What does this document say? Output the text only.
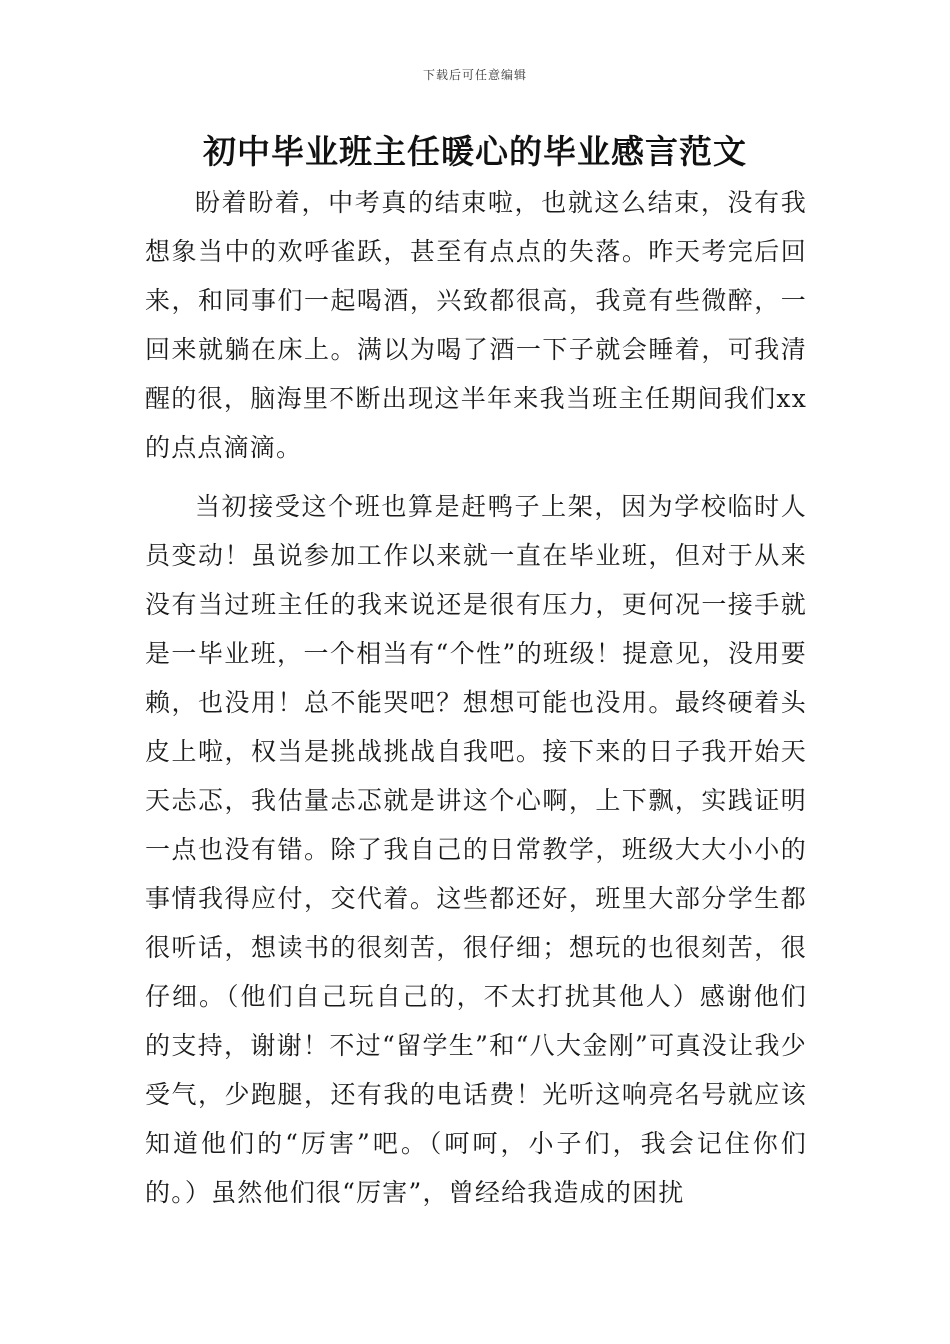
下载后可任意编辑
初中毕业班主任暖心的毕业感言范文

盼着盼着，中考真的结束啦，也就这么结束，没有我想象当中的欢呼雀跃，甚至有点点的失落。昨天考完后回来，和同事们一起喝酒，兴致都很高，我竟有些微醉，一回来就躺在床上。满以为喝了酒一下子就会睡着，可我清醒的很，脑海里不断出现这半年来我当班主任期间我们xx的点点滴滴。

当初接受这个班也算是赶鸭子上架，因为学校临时人员变动！虽说参加工作以来就一直在毕业班，但对于从来没有当过班主任的我来说还是很有压力，更何况一接手就是一毕业班，一个相当有“个性”的班级！提意见，没用要赖，也没用！总不能哭吧？想想可能也没用。最终硬着头皮上啦，权当是挑战挑战自我吧。接下来的日子我开始天天忐忑，我估量忐忑就是讲这个心啊，上下飘，实践证明一点也没有错。除了我自己的日常教学，班级大大小小的事情我得应付，交代着。这些都还好，班里大部分学生都很听话，想读书的很刻苦，很仔细；想玩的也很刻苦，很仔细。（他们自己玩自己的，不太打扰其他人）感谢他们的支持，谢谢！不过“留学生”和“八大金刚”可真没让我少受气，少跑腿，还有我的电话费！光听这响亮名号就应该知道他们的“厉害”吧。（呵呵，小子们，我会记住你们的。）虽然他们很“厉害”，曾经给我造成的困扰
